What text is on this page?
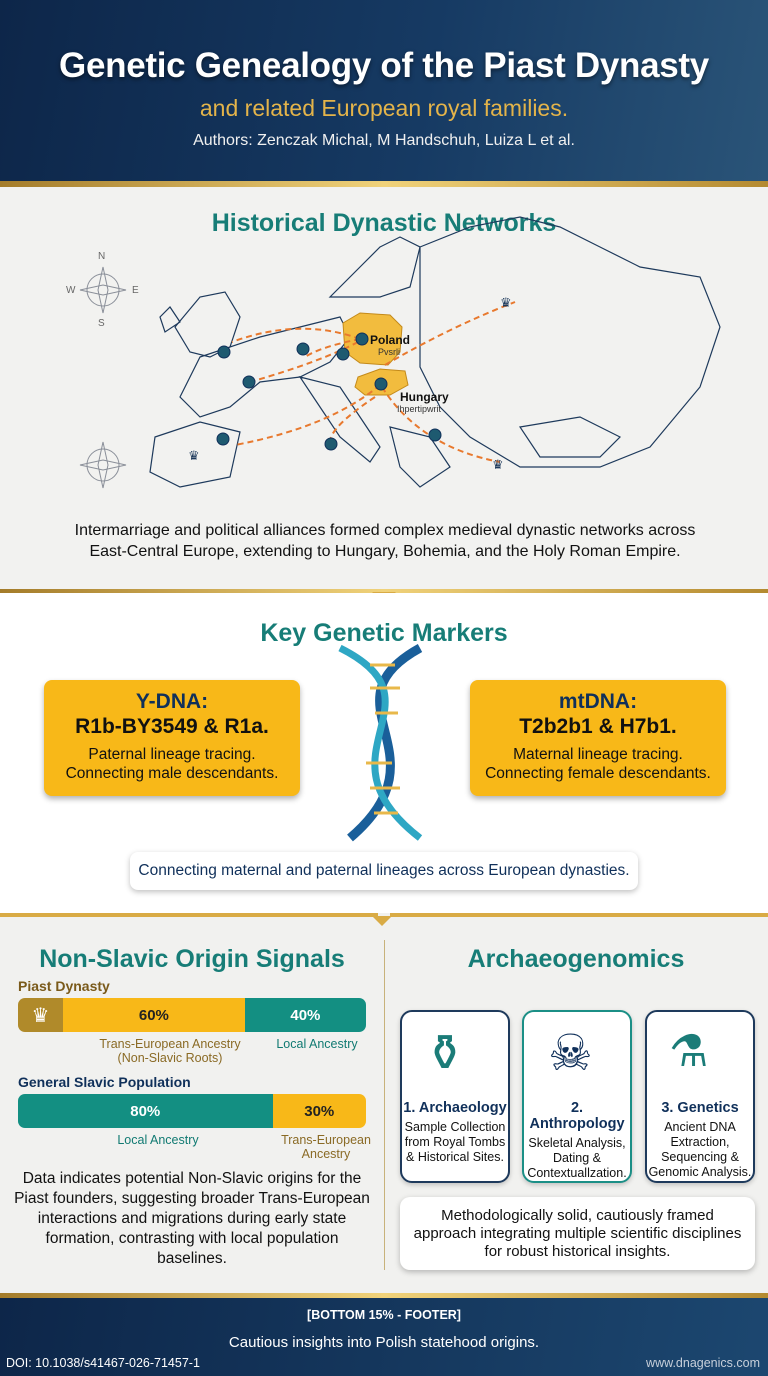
Genetic Genealogy of the Piast Dynasty
and related European royal families.
Authors: Zenczak Michal, M Handschuh, Luiza L et al.
Historical Dynastic Networks
♛
♛
♛
N
W	E
S
Poland
Pvsrli
Hungary
Ihpertipwrit
Intermarriage and political alliances formed complex medieval dynastic networks across East-Central Europe, extending to Hungary, Bohemia, and the Holy Roman Empire.
Key Genetic Markers
Y-DNA:
R1b-BY3549 & R1a.
Paternal lineage tracing.
Connecting male descendants.
mtDNA:
T2b2b1 & H7b1.
Maternal lineage tracing.
Connecting female descendants.
Connecting maternal and paternal lineages across European dynasties.
Non-Slavic Origin Signals
Piast Dynasty
♛	60%	40%
Trans-European Ancestry
(Non-Slavic Roots)
Local Ancestry
General Slavic Population
80%	30%
Local Ancestry	Trans-European
Ancestry
Data indicates potential Non-Slavic origins for the Piast founders, suggesting broader Trans-European interactions and migrations during early state formation, contrasting with local population baselines.
Archaeogenomics
⚱
1. Archaeology
Sample Collection from Royal Tombs & Historical Sites.
☠
2. Anthropology
Skeletal Analysis, Dating & Contextuallzation.
⚗
3. Genetics
Ancient DNA Extraction, Sequencing & Genomic Analysis.
Methodologically solid, cautiously framed approach integrating multiple scientific disciplines for robust historical insights.
[BOTTOM 15% - FOOTER]
Cautious insights into Polish statehood origins.
DOI: 10.1038/s41467-026-71457-1	www.dnagenics.com
